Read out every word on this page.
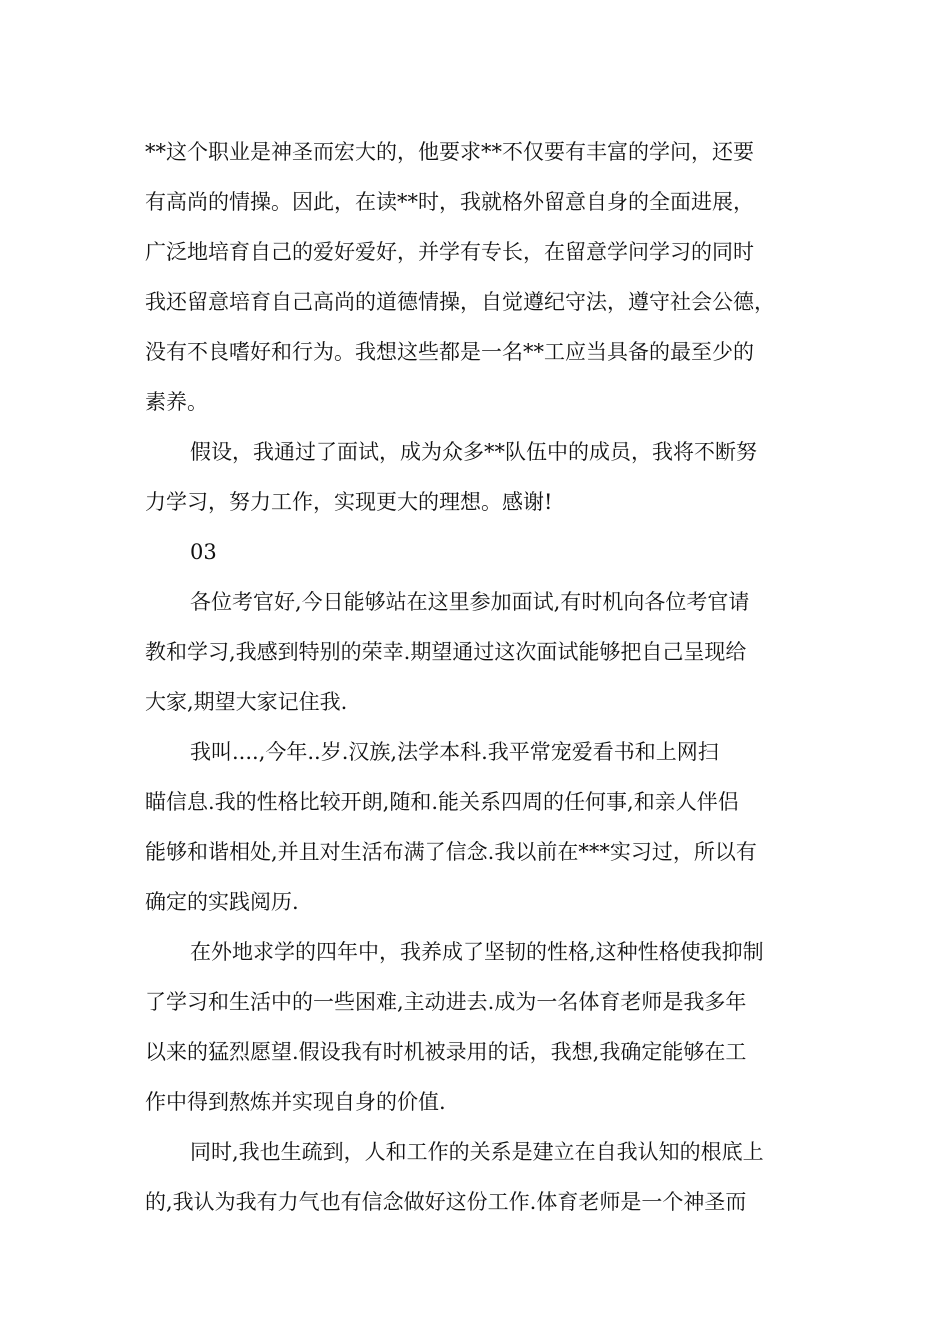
**这个职业是神圣而宏大的，他要求**不仅要有丰富的学问，还要

有高尚的情操。因此，在读**时，我就格外留意自身的全面进展，

广泛地培育自己的爱好爱好，并学有专长，在留意学问学习的同时

我还留意培育自己高尚的道德情操，自觉遵纪守法，遵守社会公德，

没有不良嗜好和行为。我想这些都是一名**工应当具备的最至少的

素养。

假设，我通过了面试，成为众多**队伍中的成员，我将不断努

力学习，努力工作，实现更大的理想。感谢!

03

各位考官好,今日能够站在这里参加面试,有时机向各位考官请

教和学习,我感到特别的荣幸.期望通过这次面试能够把自己呈现给

大家,期望大家记住我.

我叫....,今年..岁.汉族,法学本科.我平常宠爱看书和上网扫

瞄信息.我的性格比较开朗,随和.能关系四周的任何事,和亲人伴侣

能够和谐相处,并且对生活布满了信念.我以前在***实习过，所以有

确定的实践阅历.

在外地求学的四年中，我养成了坚韧的性格,这种性格使我抑制

了学习和生活中的一些困难,主动进去.成为一名体育老师是我多年

以来的猛烈愿望.假设我有时机被录用的话，我想,我确定能够在工

作中得到熬炼并实现自身的价值.

同时,我也生疏到，人和工作的关系是建立在自我认知的根底上

的,我认为我有力气也有信念做好这份工作.体育老师是一个神圣而
